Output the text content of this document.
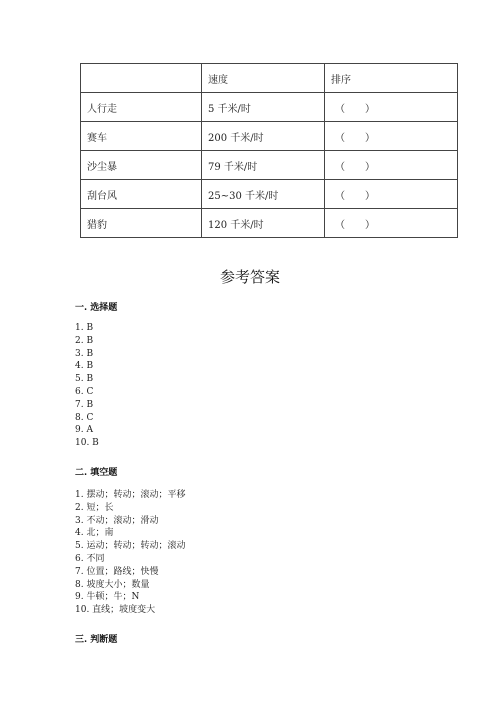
	速度	排序
人行走	5 千米/时	（　　）
赛车	200 千米/时	（　　）
沙尘暴	79 千米/时	（　　）
刮台风	25~30 千米/时	（　　）
猎豹	120 千米/时	（　　）
参考答案
一. 选择题
1. B
2. B
3. B
4. B
5. B
6. C
7. B
8. C
9. A
10. B
二. 填空题
1. 摆动；转动；滚动；平移
2. 短；长
3. 不动；滚动；滑动
4. 北；南
5. 运动；转动；转动；滚动
6. 不同
7. 位置；路线；快慢
8. 坡度大小；数量
9. 牛顿；牛；N
10. 直线；坡度变大
三. 判断题
